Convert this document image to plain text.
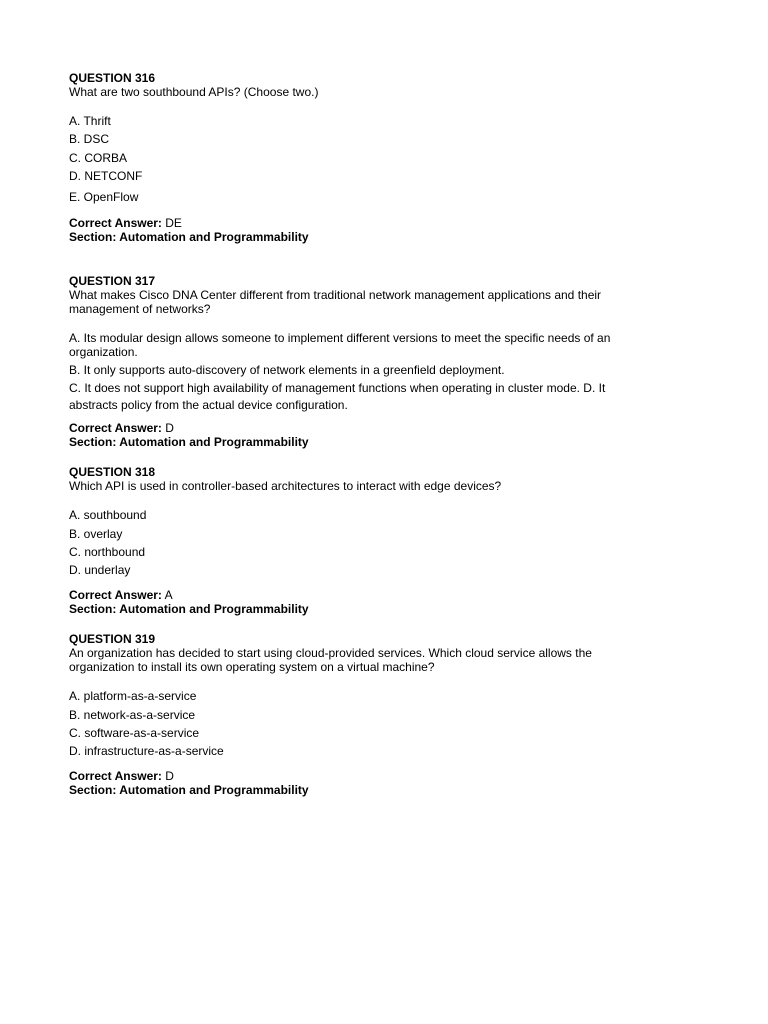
QUESTION 316
What are two southbound APIs? (Choose two.)
A. Thrift
B. DSC
C. CORBA
D. NETCONF
E. OpenFlow
Correct Answer: DE
Section: Automation and Programmability
QUESTION 317
What makes Cisco DNA Center different from traditional network management applications and their
management of networks?
A. Its modular design allows someone to implement different versions to meet the specific needs of an
organization.
B. It only supports auto-discovery of network elements in a greenfield deployment.
C. It does not support high availability of management functions when operating in cluster mode. D. It
abstracts policy from the actual device configuration.
Correct Answer: D
Section: Automation and Programmability
QUESTION 318
Which API is used in controller-based architectures to interact with edge devices?
A. southbound
B. overlay
C. northbound
D. underlay
Correct Answer: A
Section: Automation and Programmability
QUESTION 319
An organization has decided to start using cloud-provided services. Which cloud service allows the
organization to install its own operating system on a virtual machine?
A. platform-as-a-service
B. network-as-a-service
C. software-as-a-service
D. infrastructure-as-a-service
Correct Answer: D
Section: Automation and Programmability
